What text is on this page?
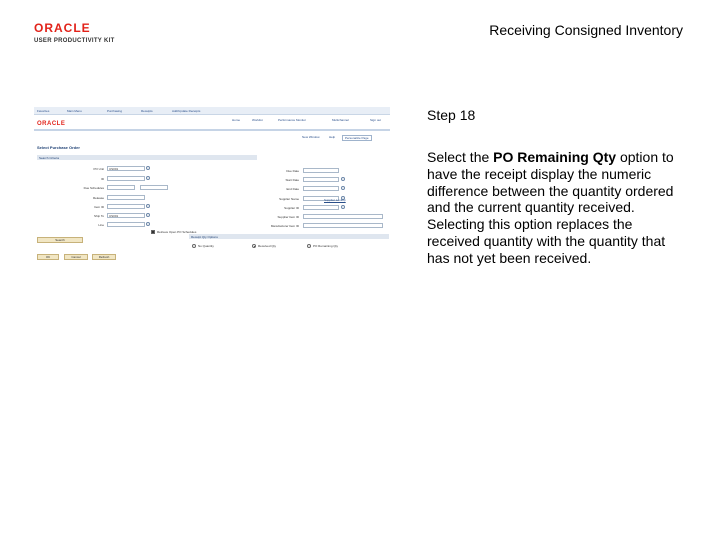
ORACLE
USER PRODUCTIVITY KIT
Receiving Consigned Inventory
Favorites	Main Menu	Purchasing	Receipts	Add/Update Receipts
ORACLE
Home	Worklist	Performance Monitor	Multichannel	Sign out
New Window	Help	Personalize Page
Select Purchase Order
Search Criteria
PO Unit	US001
ID
Due Schedules
Release
Item ID
Ship To	US001
Line
Due Date
Start Date
End Date
Supplier Name	Supplier Lookup
Supplier ID
Supplier Item ID
Manufacturer Item ID
Retrieve Open PO Schedules
Search
Receipt Qty Options
No Quantity	Received Qty	PO Remaining Qty
OK	Cancel	Refresh
Step 18
Select the PO Remaining Qty option to have the receipt display the numeric difference between the quantity ordered and the current quantity received. Selecting this option replaces the received quantity with the quantity that has not yet been received.
